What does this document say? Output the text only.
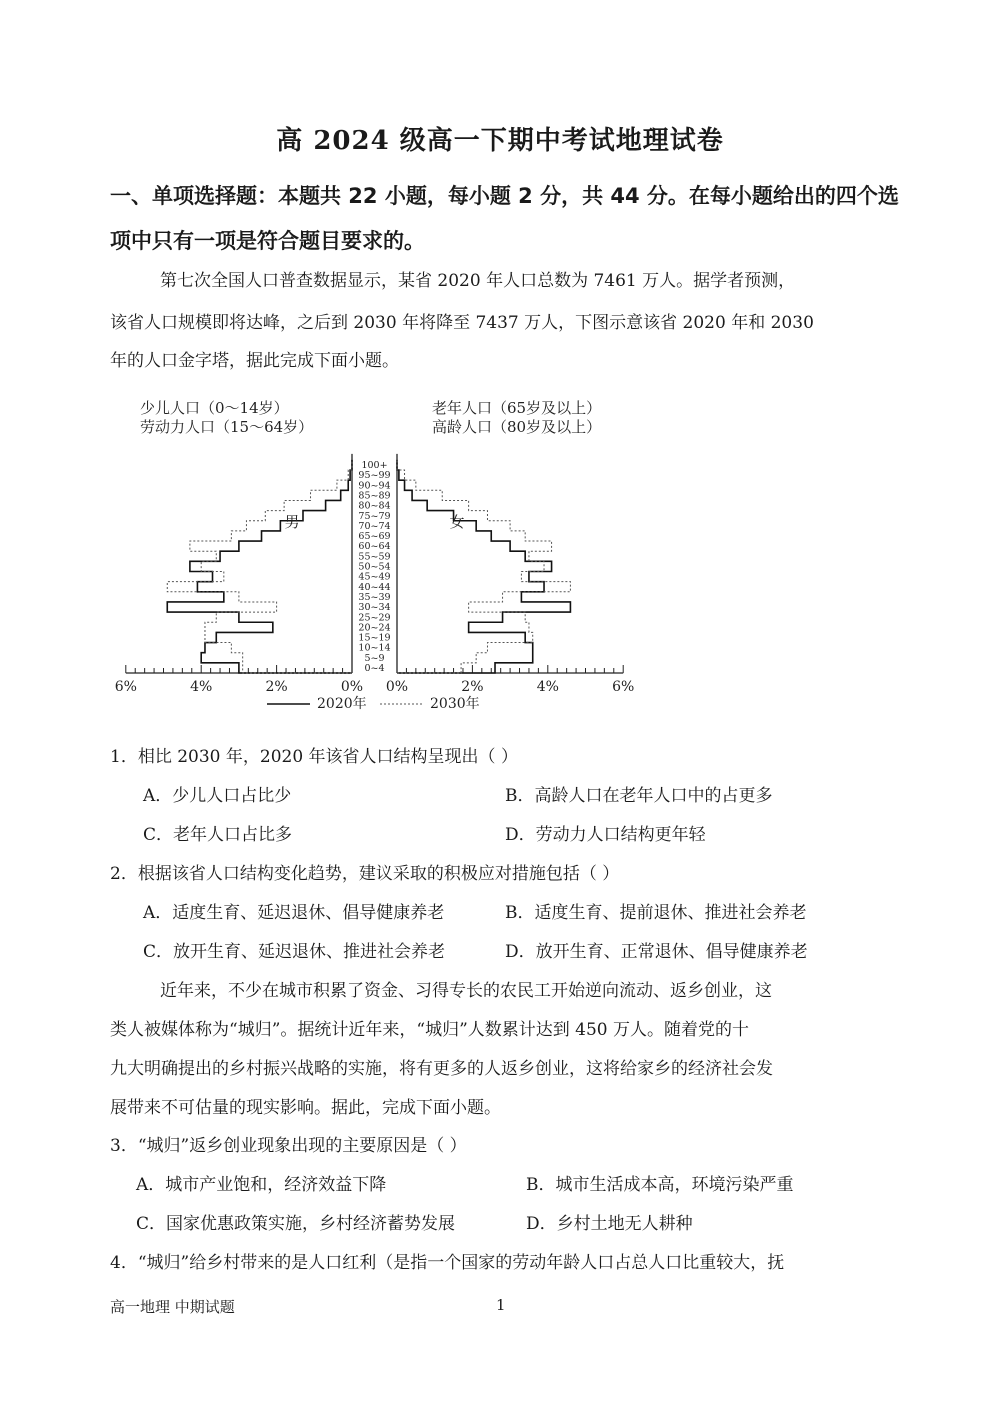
高 2024 级高一下期中考试地理试卷
一、单项选择题：本题共 22 小题，每小题 2 分，共 44 分。在每小题给出的四个选
项中只有一项是符合题目要求的。
第七次全国人口普查数据显示，某省 2020 年人口总数为 7461 万人。据学者预测，
该省人口规模即将达峰，之后到 2030 年将降至 7437 万人，下图示意该省 2020 年和 2030
年的人口金字塔，据此完成下面小题。
6%	4%	2%	0% 0%	2%	4%	6%
0~4
5~9
10~14
15~19
20~24
25~29
30~34
35~39
40~44
45~49
50~54
55~59
60~64
65~69
70~74
75~79
80~84
85~89
90~94
95~99
100+
少儿人口（0～14岁）
劳动力人口（15～64岁）
老年人口（65岁及以上）
高龄人口（80岁及以上）
男	女
2020年	2030年
1．相比 2030 年，2020 年该省人口结构呈现出（ ）
A．少儿人口占比少	B．高龄人口在老年人口中的占更多
C．老年人口占比多	D．劳动力人口结构更年轻
2．根据该省人口结构变化趋势，建议采取的积极应对措施包括（ ）
A．适度生育、延迟退休、倡导健康养老	B．适度生育、提前退休、推进社会养老
C．放开生育、延迟退休、推进社会养老	D．放开生育、正常退休、倡导健康养老
近年来，不少在城市积累了资金、习得专长的农民工开始逆向流动、返乡创业，这
类人被媒体称为“城归”。据统计近年来，“城归”人数累计达到 450 万人。随着党的十
九大明确提出的乡村振兴战略的实施，将有更多的人返乡创业，这将给家乡的经济社会发
展带来不可估量的现实影响。据此，完成下面小题。
3．“城归”返乡创业现象出现的主要原因是（ ）
A．城市产业饱和，经济效益下降	B．城市生活成本高，环境污染严重
C．国家优惠政策实施，乡村经济蓄势发展	D．乡村土地无人耕种
4．“城归”给乡村带来的是人口红利（是指一个国家的劳动年龄人口占总人口比重较大，抚
高一地理 中期试题	1
